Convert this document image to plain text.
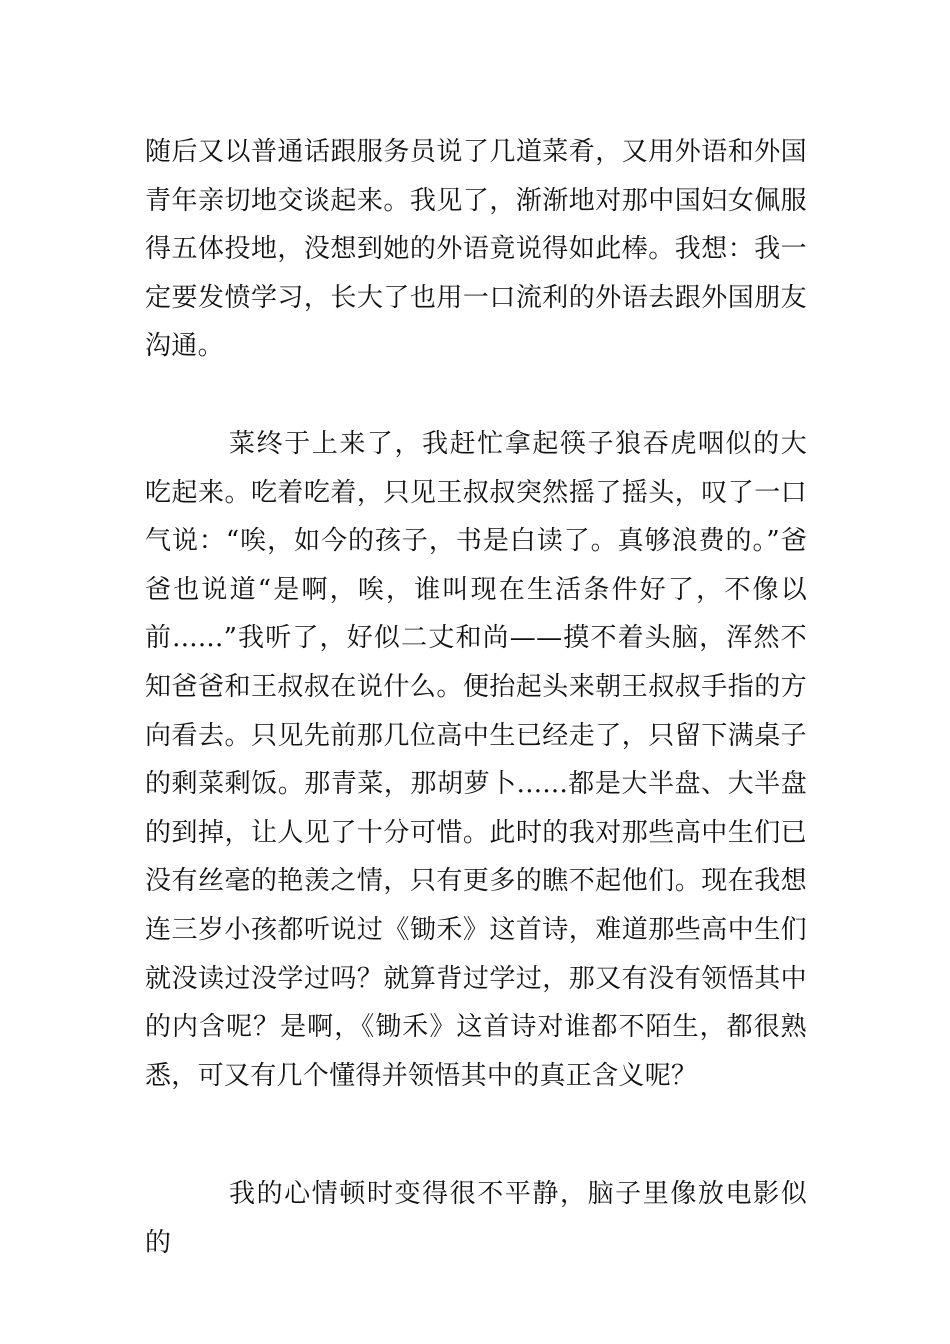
随后又以普通话跟服务员说了几道菜肴，又用外语和外国青年亲切地交谈起来。我见了，渐渐地对那中国妇女佩服得五体投地，没想到她的外语竟说得如此棒。我想：我一定要发愤学习，长大了也用一口流利的外语去跟外国朋友沟通。

菜终于上来了，我赶忙拿起筷子狼吞虎咽似的大吃起来。吃着吃着，只见王叔叔突然摇了摇头，叹了一口气说：“唉，如今的孩子，书是白读了。真够浪费的。”爸爸也说道“是啊，唉，谁叫现在生活条件好了，不像以前......”我听了，好似二丈和尚——摸不着头脑，浑然不知爸爸和王叔叔在说什么。便抬起头来朝王叔叔手指的方向看去。只见先前那几位高中生已经走了，只留下满桌子的剩菜剩饭。那青菜，那胡萝卜......都是大半盘、大半盘的到掉，让人见了十分可惜。此时的我对那些高中生们已没有丝毫的艳羡之情，只有更多的瞧不起他们。现在我想连三岁小孩都听说过《锄禾》这首诗，难道那些高中生们就没读过没学过吗？就算背过学过，那又有没有领悟其中的内含呢？是啊，《锄禾》这首诗对谁都不陌生，都很熟悉，可又有几个懂得并领悟其中的真正含义呢？

我的心情顿时变得很不平静，脑子里像放电影似的
